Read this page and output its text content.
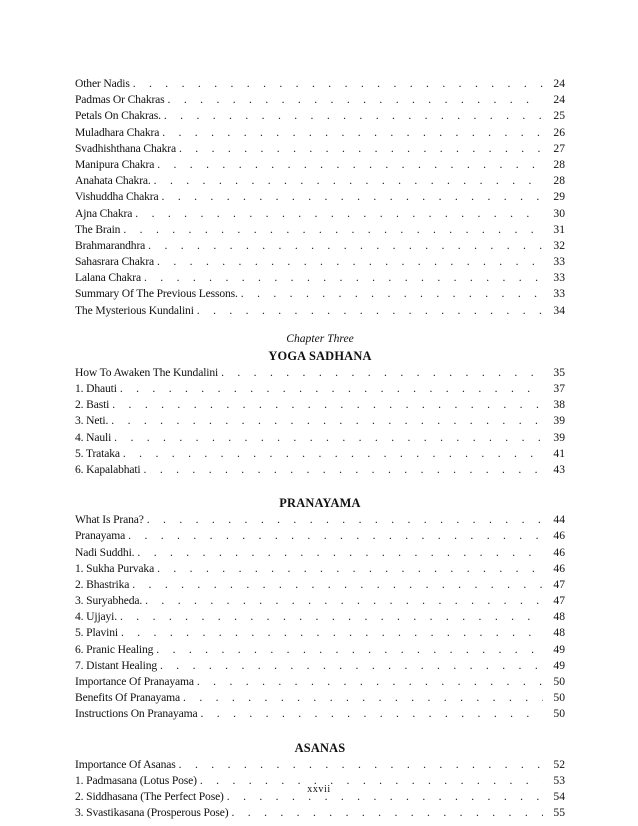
Other Nadis . . .	24
Padmas Or Chakras . . .	24
Petals On Chakras. . . .	25
Muladhara Chakra . . .	26
Svadhishthana Chakra . . .	27
Manipura Chakra . . .	28
Anahata Chakra. . . .	28
Vishuddha Chakra . . .	29
Ajna Chakra . . .	30
The Brain . . .	31
Brahmarandhra . . .	32
Sahasrara Chakra . . .	33
Lalana Chakra . . .	33
Summary Of The Previous Lessons. . . .	33
The Mysterious Kundalini . . .	34
Chapter Three
YOGA SADHANA
How To Awaken The Kundalini . . .	35
1. Dhauti . . .	37
2. Basti . . .	38
3. Neti. . . .	39
4. Nauli . . .	39
5. Trataka . . .	41
6. Kapalabhati . . .	43
PRANAYAMA
What Is Prana? . . .	44
Pranayama . . .	46
Nadi Suddhi. . . .	46
1. Sukha Purvaka . . .	46
2. Bhastrika . . .	47
3. Suryabheda. . . .	47
4. Ujjayi. . . .	48
5. Plavini . . .	48
6. Pranic Healing . . .	49
7. Distant Healing . . .	49
Importance Of Pranayama . . .	50
Benefits Of Pranayama . . .	50
Instructions On Pranayama . . .	50
ASANAS
Importance Of Asanas . . .	52
1. Padmasana (Lotus Pose) . . .	53
2. Siddhasana (The Perfect Pose) . . .	54
3. Svastikasana (Prosperous Pose) . . .	55
xxvii
